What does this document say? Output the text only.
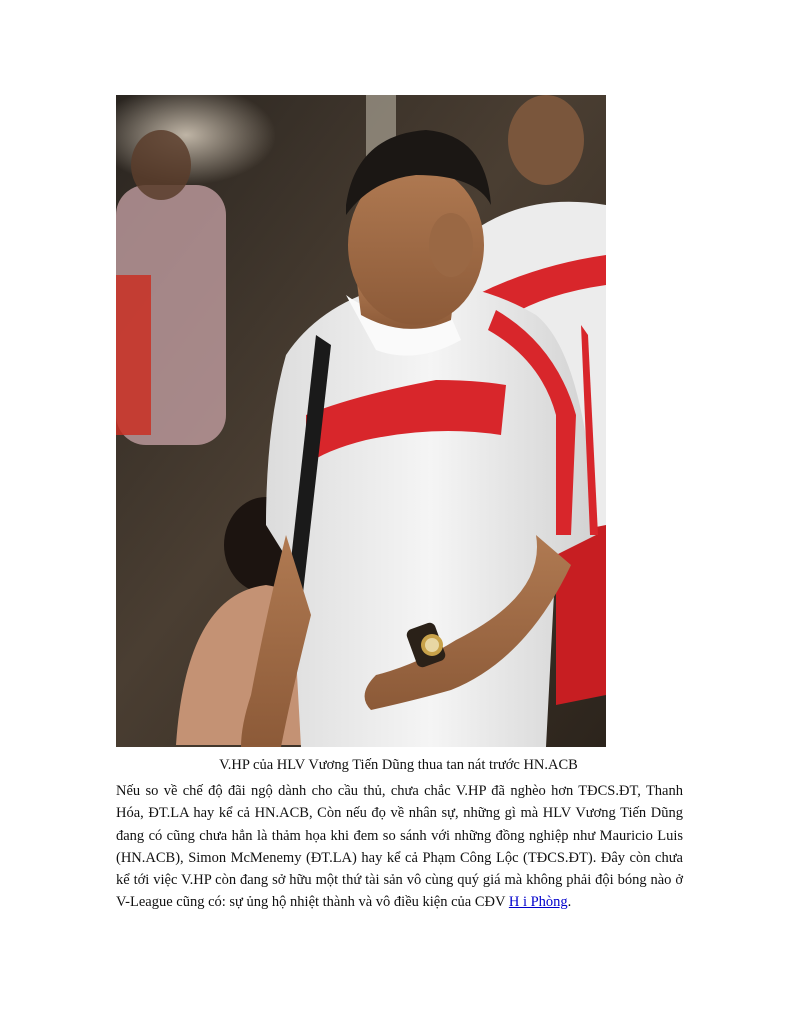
V.HP của HLV Vương Tiến Dũng thua tan nát trước HN.ACB

Nếu so về chế độ đãi ngộ dành cho cầu thủ, chưa chắc V.HP đã nghèo hơn TĐCS.ĐT, Thanh Hóa, ĐT.LA hay kể cả HN.ACB, Còn nếu đọ về nhân sự, những gì mà HLV Vương Tiến Dũng đang có cũng chưa hẳn là thảm họa khi đem so sánh với những đồng nghiệp như Mauricio Luis (HN.ACB), Simon McMenemy (ĐT.LA) hay kể cả Phạm Công Lộc (TĐCS.ĐT). Đây còn chưa kể tới việc V.HP còn đang sở hữu một thứ tài sản vô cùng quý giá mà không phải đội bóng nào ở V-League cũng có: sự ủng hộ nhiệt thành và vô điều kiện của CĐV H i Phòng.
